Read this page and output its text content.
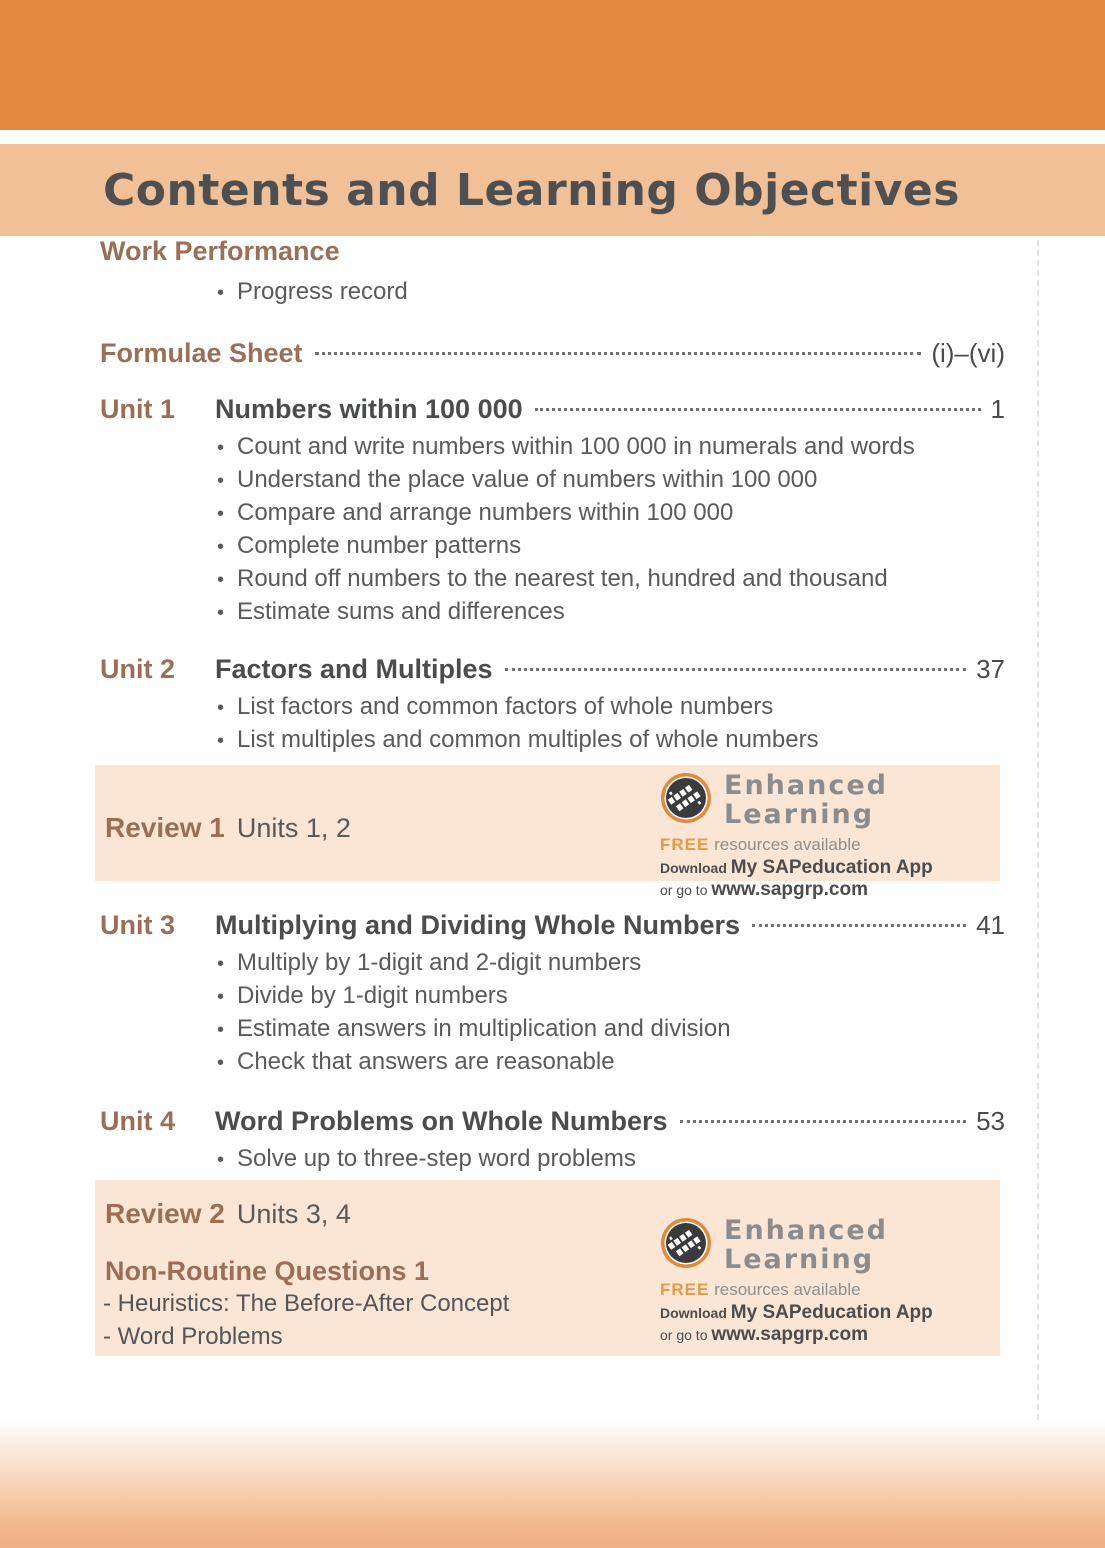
Contents and Learning Objectives
Work Performance
• Progress record
Formulae Sheet	(i)–(vi)
Unit 1	Numbers within 100 000	1
• Count and write numbers within 100 000 in numerals and words
• Understand the place value of numbers within 100 000
• Compare and arrange numbers within 100 000
• Complete number patterns
• Round off numbers to the nearest ten, hundred and thousand
• Estimate sums and differences
Unit 2	Factors and Multiples	37
• List factors and common factors of whole numbers
• List multiples and common multiples of whole numbers
Review 1 Units 1, 2
Enhanced
Learning
FREE resources available
Download My SAPeducation App
or go to www.sapgrp.com
Unit 3	Multiplying and Dividing Whole Numbers	41
• Multiply by 1-digit and 2-digit numbers
• Divide by 1-digit numbers
• Estimate answers in multiplication and division
• Check that answers are reasonable
Unit 4	Word Problems on Whole Numbers	53
• Solve up to three-step word problems
Review 2 Units 3, 4
Non-Routine Questions 1
- Heuristics: The Before-After Concept
- Word Problems
Enhanced
Learning
FREE resources available
Download My SAPeducation App
or go to www.sapgrp.com
